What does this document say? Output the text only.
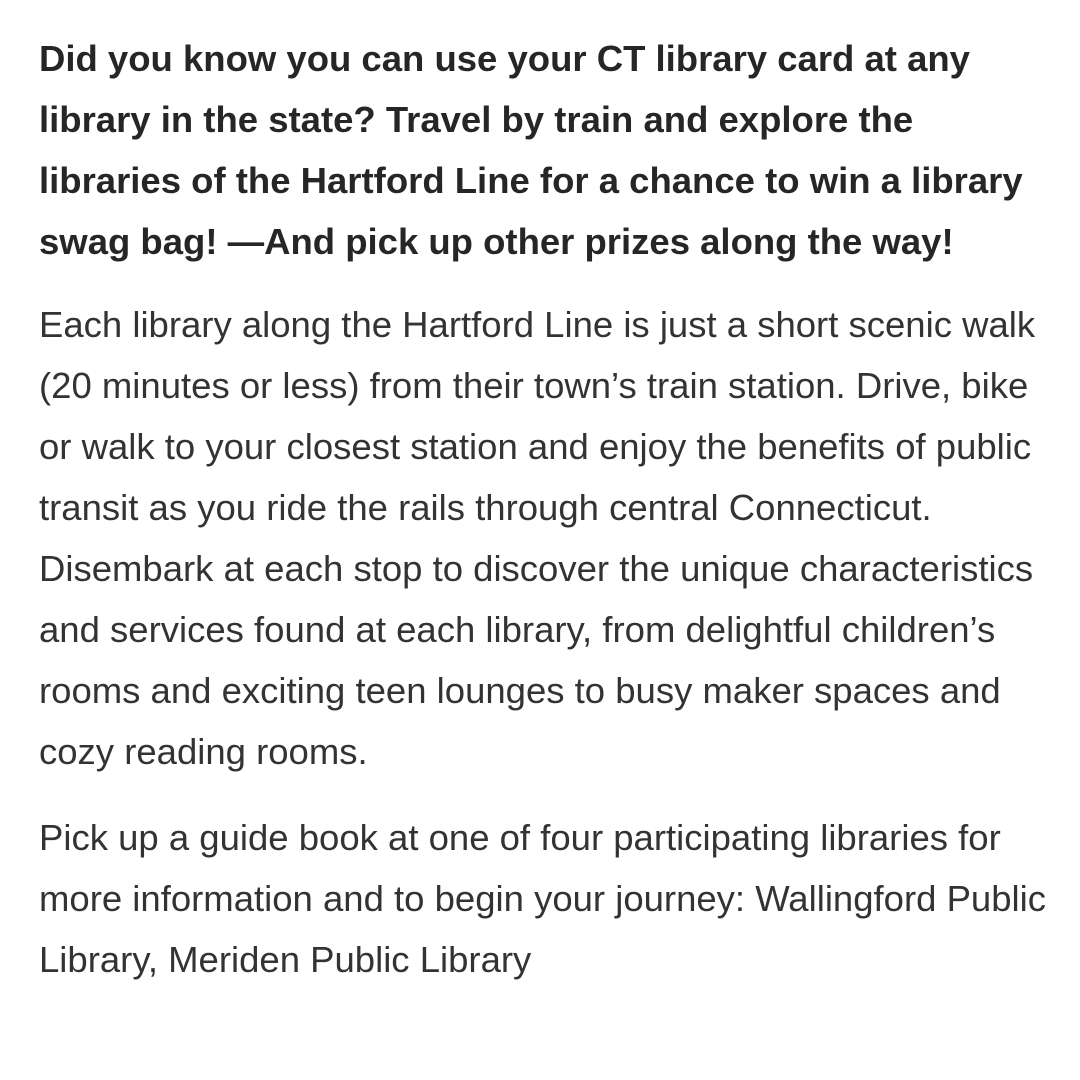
Did you know you can use your CT library card at any library in the state? Travel by train and explore the libraries of the Hartford Line for a chance to win a library swag bag! —And pick up other prizes along the way!

Each library along the Hartford Line is just a short scenic walk (20 minutes or less) from their town’s train station. Drive, bike or walk to your closest station and enjoy the benefits of public transit as you ride the rails through central Connecticut. Disembark at each stop to discover the unique characteristics and services found at each library, from delightful children’s rooms and exciting teen lounges to busy maker spaces and cozy reading rooms.

Pick up a guide book at one of four participating libraries for more information and to begin your journey: Wallingford Public Library, Meriden Public Library
